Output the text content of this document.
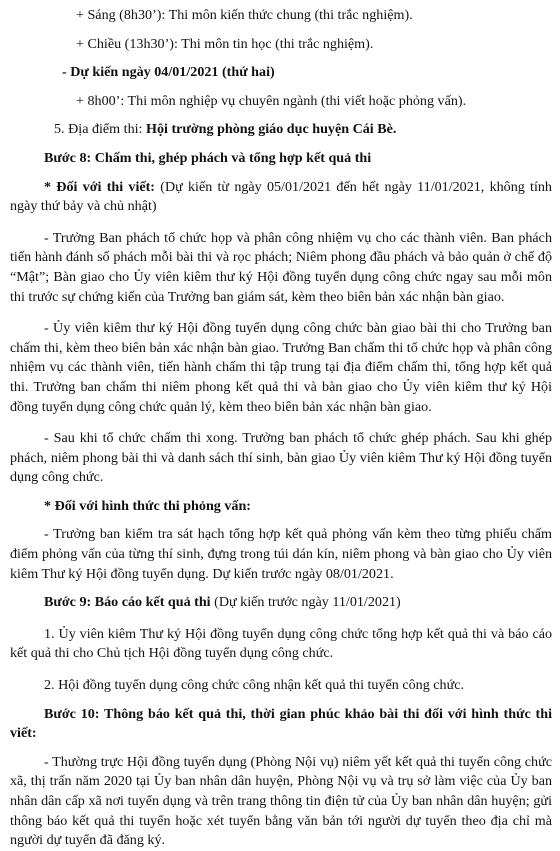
+ Sáng (8h30’): Thi môn kiến thức chung (thi trắc nghiệm).

+ Chiều (13h30’): Thi môn tin học (thi trắc nghiệm).

- Dự kiến ngày 04/01/2021 (thứ hai)

+ 8h00’: Thi môn nghiệp vụ chuyên ngành (thi viết hoặc phỏng vấn).

5. Địa điểm thi: Hội trường phòng giáo dục huyện Cái Bè.

Bước 8: Chấm thi, ghép phách và tổng hợp kết quả thi

* Đối với thi viết: (Dự kiến từ ngày 05/01/2021 đến hết ngày 11/01/2021, không tính ngày thứ bảy và chủ nhật)

- Trưởng Ban phách tổ chức họp và phân công nhiệm vụ cho các thành viên. Ban phách tiến hành đánh số phách mỗi bài thi và rọc phách; Niêm phong đầu phách và bảo quản ở chế độ “Mật”; Bàn giao cho Ủy viên kiêm thư ký Hội đồng tuyển dụng công chức ngay sau mỗi môn thi trước sự chứng kiến của Trưởng ban giám sát, kèm theo biên bản xác nhận bàn giao.

- Ủy viên kiêm thư ký Hội đồng tuyển dụng công chức bàn giao bài thi cho Trưởng ban chấm thi, kèm theo biên bản xác nhận bàn giao. Trưởng Ban chấm thi tổ chức họp và phân công nhiệm vụ các thành viên, tiến hành chấm thi tập trung tại địa điểm chấm thi, tổng hợp kết quả thi. Trưởng ban chấm thi niêm phong kết quả thi và bàn giao cho Ủy viên kiêm thư ký Hội đồng tuyển dụng công chức quản lý, kèm theo biên bản xác nhận bàn giao.

- Sau khi tổ chức chấm thi xong. Trưởng ban phách tổ chức ghép phách. Sau khi ghép phách, niêm phong bài thi và danh sách thí sinh, bàn giao Ủy viên kiêm Thư ký Hội đồng tuyển dụng công chức.

* Đối với hình thức thi phỏng vấn:

- Trưởng ban kiểm tra sát hạch tổng hợp kết quả phỏng vấn kèm theo từng phiếu chấm điểm phỏng vấn của từng thí sinh, đựng trong túi dán kín, niêm phong và bàn giao cho Ủy viên kiêm Thư ký Hội đồng tuyển dụng. Dự kiến trước ngày 08/01/2021.

Bước 9: Báo cáo kết quả thi (Dự kiến trước ngày 11/01/2021)

1. Ủy viên kiêm Thư ký Hội đồng tuyển dụng công chức tổng hợp kết quả thi và báo cáo kết quả thi cho Chủ tịch Hội đồng tuyển dụng công chức.

2. Hội đồng tuyển dụng công chức công nhận kết quả thi tuyển công chức.

Bước 10: Thông báo kết quả thi, thời gian phúc khảo bài thi đối với hình thức thi viết:

- Thường trực Hội đồng tuyển dụng (Phòng Nội vụ) niêm yết kết quả thi tuyển công chức xã, thị trấn năm 2020 tại Ủy ban nhân dân huyện, Phòng Nội vụ và trụ sở làm việc của Ủy ban nhân dân cấp xã nơi tuyển dụng và trên trang thông tin điện tử của Ủy ban nhân dân huyện; gửi thông báo kết quả thi tuyển hoặc xét tuyển bằng văn bản tới người dự tuyển theo địa chỉ mà người dự tuyển đã đăng ký.
